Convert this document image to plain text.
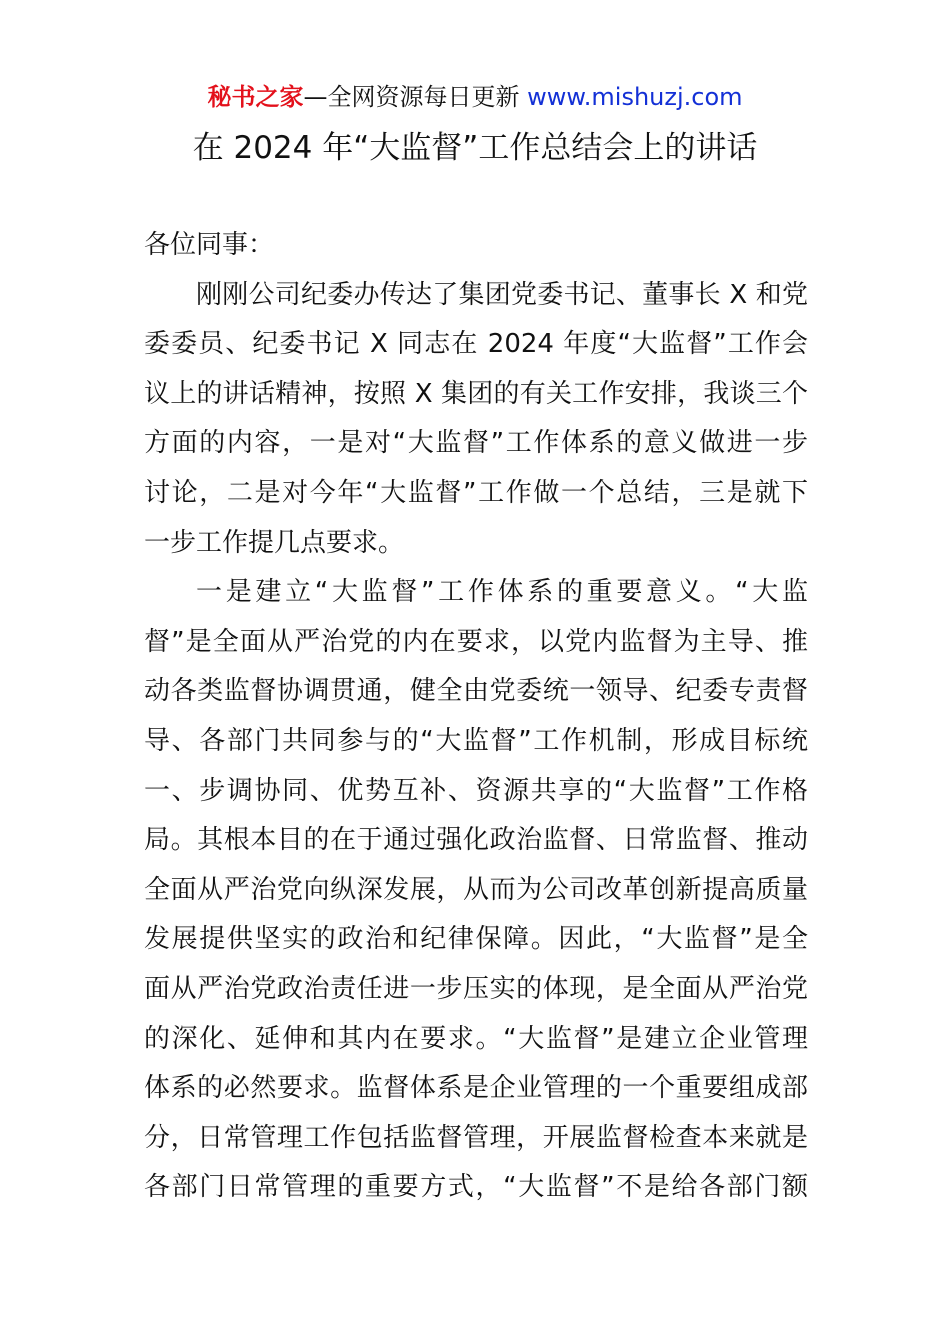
秘书之家—全网资源每日更新 www.mishuzj.com
在 2024 年“大监督”工作总结会上的讲话
各位同事：
刚刚公司纪委办传达了集团党委书记、董事长 X 和党
委委员、纪委书记 X 同志在 2024 年度“大监督”工作会
议上的讲话精神，按照 X 集团的有关工作安排，我谈三个
方面的内容，一是对“大监督”工作体系的意义做进一步
讨论，二是对今年“大监督”工作做一个总结，三是就下
一步工作提几点要求。
一是建立“大监督”工作体系的重要意义。“大监
督”是全面从严治党的内在要求，以党内监督为主导、推
动各类监督协调贯通，健全由党委统一领导、纪委专责督
导、各部门共同参与的“大监督”工作机制，形成目标统
一、步调协同、优势互补、资源共享的“大监督”工作格
局。其根本目的在于通过强化政治监督、日常监督、推动
全面从严治党向纵深发展，从而为公司改革创新提高质量
发展提供坚实的政治和纪律保障。因此，“大监督”是全
面从严治党政治责任进一步压实的体现，是全面从严治党
的深化、延伸和其内在要求。“大监督”是建立企业管理
体系的必然要求。监督体系是企业管理的一个重要组成部
分，日常管理工作包括监督管理，开展监督检查本来就是
各部门日常管理的重要方式，“大监督”不是给各部门额
